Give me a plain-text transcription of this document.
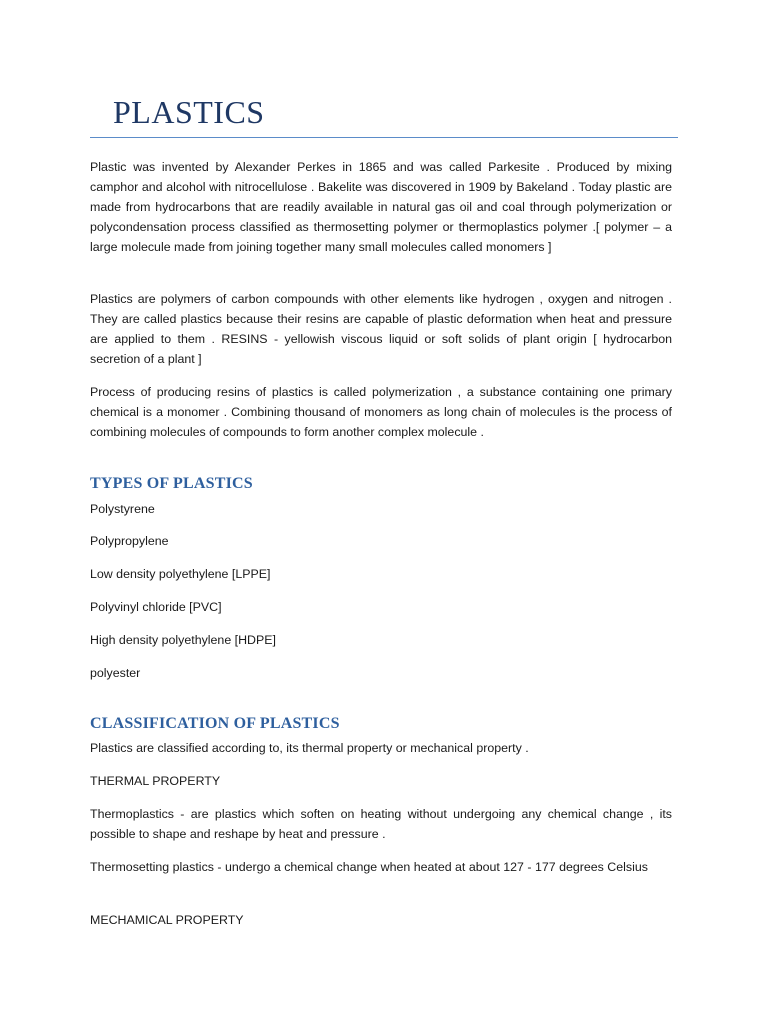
PLASTICS

Plastic was invented by Alexander Perkes in 1865 and was called Parkesite . Produced by mixing camphor and alcohol with nitrocellulose . Bakelite was discovered in 1909 by Bakeland . Today plastic are made from hydrocarbons that are readily available in natural gas oil and coal through polymerization or polycondensation process classified as thermosetting polymer or thermoplastics polymer .[ polymer – a large molecule made from joining together many small molecules called monomers ]

Plastics are polymers of carbon compounds with other elements like hydrogen , oxygen and nitrogen . They are called plastics because their resins are capable of plastic deformation when heat and pressure are applied to them . RESINS - yellowish viscous liquid or soft solids of plant origin [ hydrocarbon secretion of a plant ]

Process of producing resins of plastics is called polymerization , a substance containing one primary chemical is a monomer . Combining thousand of monomers as long chain of molecules is the process of combining molecules of compounds to form another complex molecule .

TYPES OF PLASTICS

Polystyrene

Polypropylene

Low density polyethylene [LPPE]

Polyvinyl chloride [PVC]

High density polyethylene [HDPE]

polyester

CLASSIFICATION OF PLASTICS

Plastics are classified according to, its thermal property or mechanical property .

THERMAL PROPERTY

Thermoplastics - are plastics which soften on heating without undergoing any chemical change , its possible to shape and reshape by heat and pressure .

Thermosetting plastics - undergo a chemical change when heated at about 127 - 177 degrees Celsius

MECHAMICAL PROPERTY
